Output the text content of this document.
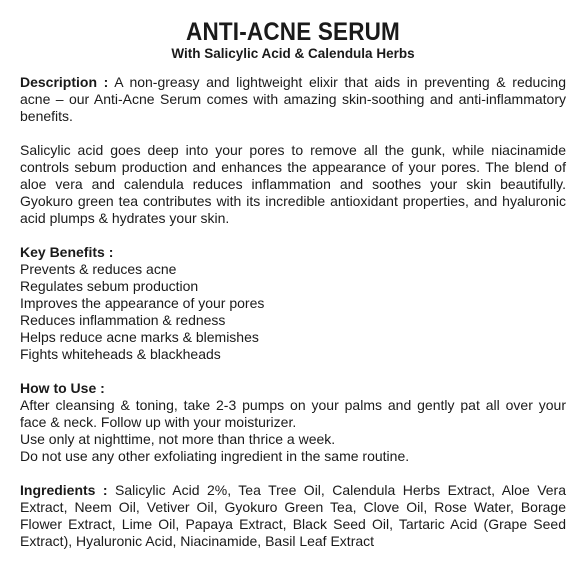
ANTI-ACNE SERUM
With Salicylic Acid & Calendula Herbs

Description : A non-greasy and lightweight elixir that aids in preventing & reducing acne – our Anti-Acne Serum comes with amazing skin-soothing and anti-inflammatory benefits.

Salicylic acid goes deep into your pores to remove all the gunk, while niacinamide controls sebum production and enhances the appearance of your pores. The blend of aloe vera and calendula reduces inflammation and soothes your skin beautifully. Gyokuro green tea contributes with its incredible antioxidant properties, and hyaluronic acid plumps & hydrates your skin.

Key Benefits :
Prevents & reduces acne
Regulates sebum production
Improves the appearance of your pores
Reduces inflammation & redness
Helps reduce acne marks & blemishes
Fights whiteheads & blackheads
How to Use :
After cleansing & toning, take 2-3 pumps on your palms and gently pat all over your face & neck. Follow up with your moisturizer.
Use only at nighttime, not more than thrice a week.
Do not use any other exfoliating ingredient in the same routine.

Ingredients : Salicylic Acid 2%, Tea Tree Oil, Calendula Herbs Extract, Aloe Vera Extract, Neem Oil, Vetiver Oil, Gyokuro Green Tea, Clove Oil, Rose Water, Borage Flower Extract, Lime Oil, Papaya Extract, Black Seed Oil, Tartaric Acid (Grape Seed Extract), Hyaluronic Acid, Niacinamide, Basil Leaf Extract
